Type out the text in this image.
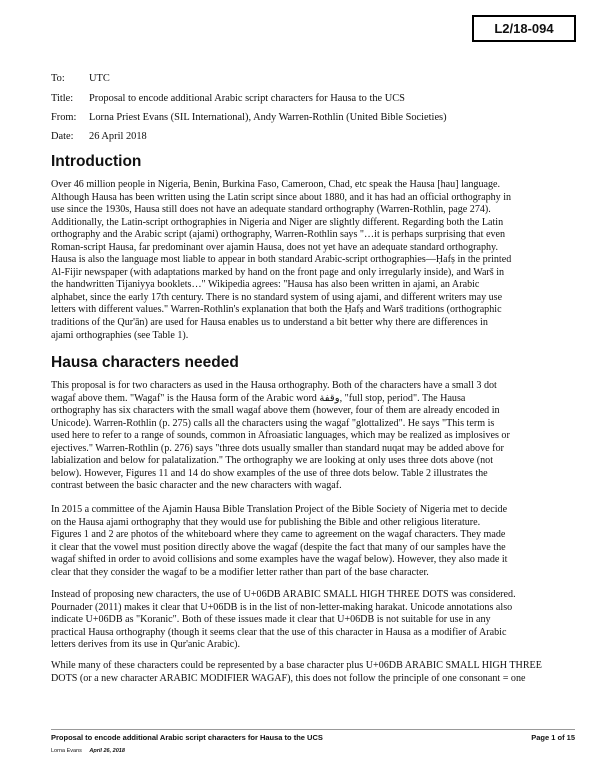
L2/18-094
To:	UTC
Title:	Proposal to encode additional Arabic script characters for Hausa to the UCS
From:	Lorna Priest Evans (SIL International), Andy Warren-Rothlin (United Bible Societies)
Date:	26 April 2018
Introduction
Over 46 million people in Nigeria, Benin, Burkina Faso, Cameroon, Chad, etc speak the Hausa [hau] language.
Although Hausa has been written using the Latin script since about 1880, and it has had an official orthography in
use since the 1930s, Hausa still does not have an adequate standard orthography (Warren-Rothlin, page 274).
Additionally, the Latin-script orthographies in Nigeria and Niger are slightly different. Regarding both the Latin
orthography and the Arabic script (ajami) orthography, Warren-Rothlin says "…it is perhaps surprising that even
Roman-script Hausa, far predominant over ajamin Hausa, does not yet have an adequate standard orthography.
Hausa is also the language most liable to appear in both standard Arabic-script orthographies—Ḥafṣ in the printed
Al-Fijir newspaper (with adaptations marked by hand on the front page and only irregularly inside), and Warš in
the handwritten Tijaniyya booklets…" Wikipedia agrees: "Hausa has also been written in ajami, an Arabic
alphabet, since the early 17th century. There is no standard system of using ajami, and different writers may use
letters with different values." Warren-Rothlin's explanation that both the Ḥafṣ and Warš traditions (orthographic
traditions of the Qur'ān) are used for Hausa enables us to understand a bit better why there are differences in
ajami orthographies (see Table 1).
Hausa characters needed
This proposal is for two characters as used in the Hausa orthography. Both of the characters have a small 3 dot
wagaf above them. "Wagaf" is the Hausa form of the Arabic word وقفة, "full stop, period". The Hausa
orthography has six characters with the small wagaf above them (however, four of them are already encoded in
Unicode). Warren-Rothlin (p. 275) calls all the characters using the wagaf "glottalized". He says "This term is
used here to refer to a range of sounds, common in Afroasiatic languages, which may be realized as implosives or
ejectives." Warren-Rothlin (p. 276) says "three dots usually smaller than standard nuqat may be added above for
labialization and below for palatalization." The orthography we are looking at only uses three dots above (not
below). However, Figures 11 and 14 do show examples of the use of three dots below. Table 2 illustrates the
contrast between the basic character and the new characters with wagaf.
In 2015 a committee of the Ajamin Hausa Bible Translation Project of the Bible Society of Nigeria met to decide
on the Hausa ajami orthography that they would use for publishing the Bible and other religious literature.
Figures 1 and 2 are photos of the whiteboard where they came to agreement on the wagaf characters. They made
it clear that the vowel must position directly above the wagaf (despite the fact that many of our samples have the
wagaf shifted in order to avoid collisions and some examples have the wagaf below). However, they also made it
clear that they consider the wagaf to be a modifier letter rather than part of the base character.
Instead of proposing new characters, the use of U+06DB ARABIC SMALL HIGH THREE DOTS was considered.
Pournader (2011) makes it clear that U+06DB is in the list of non-letter-making harakat. Unicode annotations also
indicate U+06DB as "Koranic". Both of these issues made it clear that U+06DB is not suitable for use in any
practical Hausa orthography (though it seems clear that the use of this character in Hausa as a modifier of Arabic
letters derives from its use in Qur'anic Arabic).
While many of these characters could be represented by a base character plus U+06DB ARABIC SMALL HIGH THREE
DOTS (or a new character ARABIC MODIFIER WAGAF), this does not follow the principle of one consonant = one
Proposal to encode additional Arabic script characters for Hausa to the UCS	Page 1 of 15
Lorna Evans April 26, 2018
